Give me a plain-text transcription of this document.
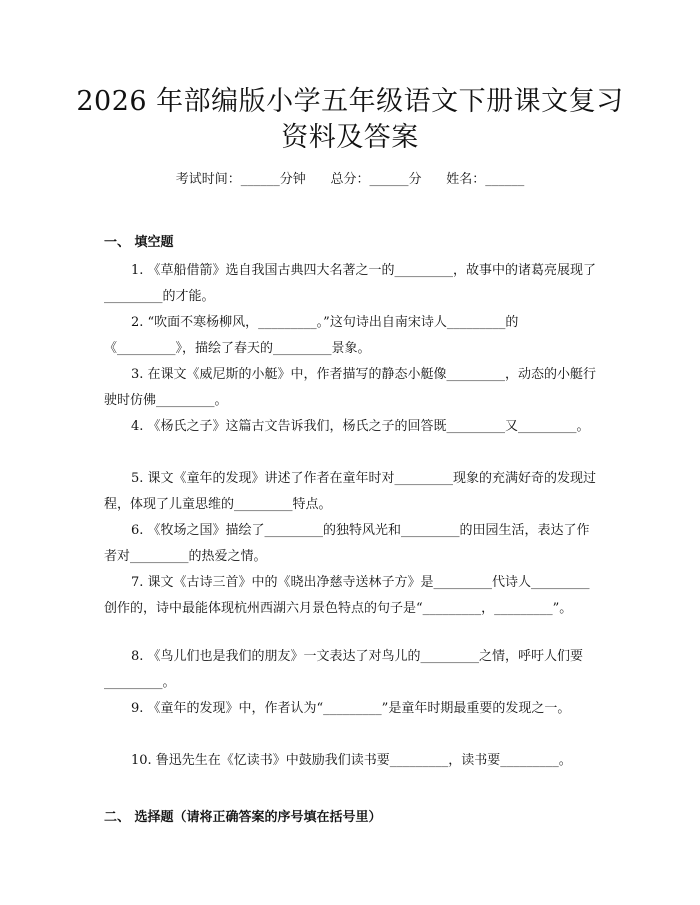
2026 年部编版小学五年级语文下册课文复习
资料及答案
考试时间：______分钟      总分：______分      姓名：______
一、 填空题

1. 《草船借箭》选自我国古典四大名著之一的_________，故事中的诸葛亮展现了_________的才能。

2. “吹面不寒杨柳风，_________。”这句诗出自南宋诗人_________的《_________》，描绘了春天的_________景象。

3. 在课文《威尼斯的小艇》中，作者描写的静态小艇像_________，动态的小艇行驶时仿佛_________。

4. 《杨氏之子》这篇古文告诉我们，杨氏之子的回答既_________又_________。

5. 课文《童年的发现》讲述了作者在童年时对_________现象的充满好奇的发现过程，体现了儿童思维的_________特点。

6. 《牧场之国》描绘了_________的独特风光和_________的田园生活，表达了作者对_________的热爱之情。

7. 课文《古诗三首》中的《晓出净慈寺送林子方》是_________代诗人_________创作的，诗中最能体现杭州西湖六月景色特点的句子是“_________，_________”。

8. 《鸟儿们也是我们的朋友》一文表达了对鸟儿的_________之情，呼吁人们要_________。

9. 《童年的发现》中，作者认为“_________”是童年时期最重要的发现之一。

10. 鲁迅先生在《忆读书》中鼓励我们读书要_________，读书要_________。

二、 选择题（请将正确答案的序号填在括号里）
